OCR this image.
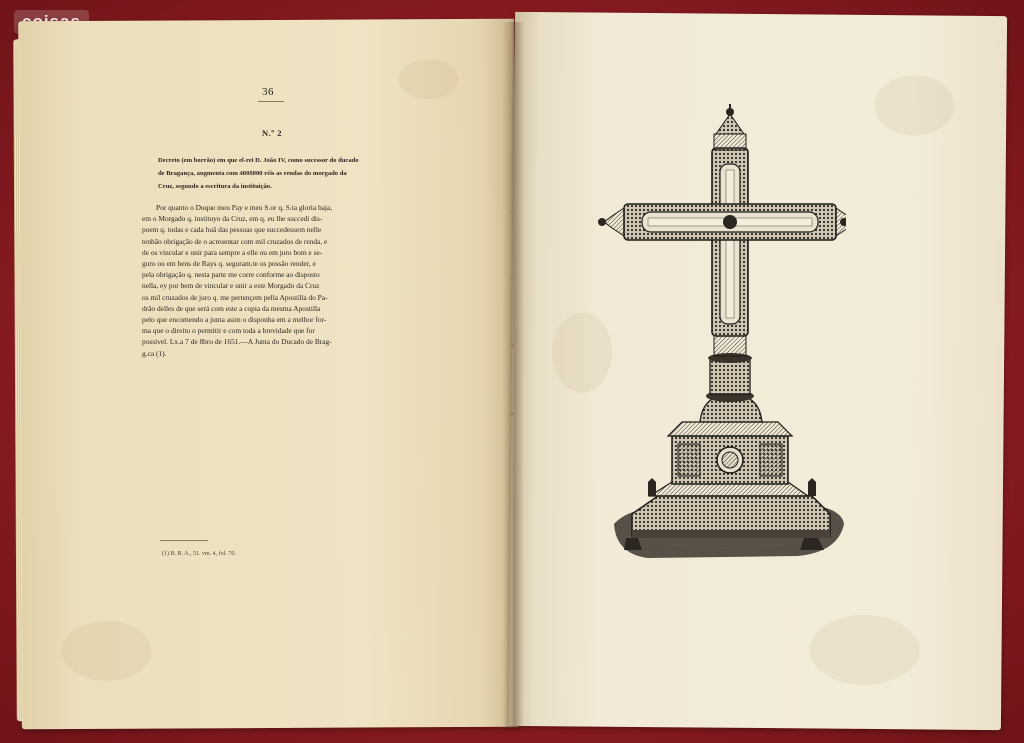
36
N.º 2
Decreto (em borrão) em que el-rei D. João IV, como sucessor do ducado
de Bragança, augmenta com 400$000 réis as rendas do morgado da
Cruz, segundo a escritura da instituição.
Por quanto o Duque meu Pay e meu S.or q. S.ta gloria haja,
em o Morgado q. instituyo da Cruz, em q. eu lhe succedi dis-
poem q. todas e cada huã das pessoas que succedessem nelle
tenhão obrigação de o acresentar com mil cruzados de renda, e
de os vincular e unir para sempre a elle ou em juro bom e se-
guro ou em bens de Rays q. seguram.te os possão render, e
pela obrigação q. nesta parte me corre conforme ao disposto
nella, ey por bem de vincular e unir a este Morgado da Cruz
os mil cruzados de juro q. me pertençem pella Apostilla do Pa-
drão delles de que será com este a copia da mesma Apostilla
pelo que encomendo a junta asim o disponha em a melhor for-
ma que o direito o permitir e com toda a brevidade que for
possivel. Lx.a 7 de 8bro de 1651.—A Junta do Ducado de Brag-
g.ca (1).
(1) B. R. A., 51. vm. 4, fol. 70.
